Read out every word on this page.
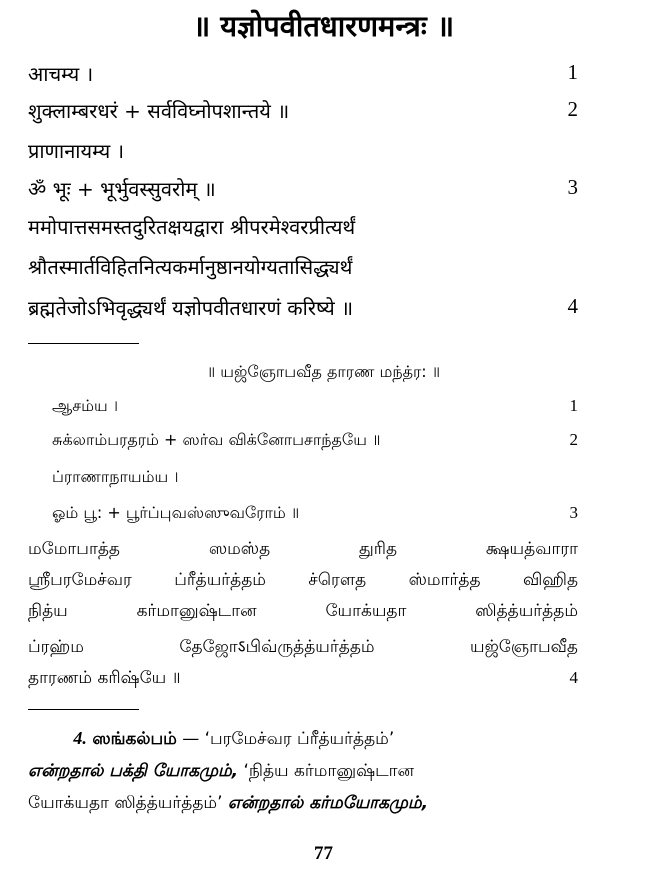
॥ यज्ञोपवीतधारणमन्त्रः ॥
आचम्य ।	1
शुक्लाम्बरधरं + सर्वविघ्नोपशान्तये ॥	2
प्राणानायम्य ।
ॐ भूः + भूर्भुवस्सुवरोम् ॥	3
ममोपात्तसमस्तदुरितक्षयद्वारा श्रीपरमेश्वरप्रीत्यर्थं
श्रौतस्मार्तविहितनित्यकर्मानुष्ठानयोग्यतासिद्ध्यर्थं
ब्रह्मतेजोऽभिवृद्ध्यर्थं यज्ञोपवीतधारणं करिष्ये ॥	4
॥ யஜ்ஞோபவீத தாரண மந்த்ர: ॥
ஆசம்ய ।	1
சுக்லாம்பரதரம் + ஸர்வ விக்னோபசாந்தயே ॥	2
ப்ராணாநாயம்ய ।
ஓம் பூ: + பூர்ப்புவஸ்ஸுவரோம் ॥	3
மமோபாத்த	ஸமஸ்த	துரித	க்ஷயத்வாரா
ஸ்ரீபரமேச்வர ப்ரீத்யர்த்தம் ச்ரௌத ஸ்மார்த்த விஹித
நித்ய	கர்மானுஷ்டான	யோக்யதா	ஸித்த்யர்த்தம்
ப்ரஹ்ம	தேஜோऽபிவ்ருத்த்யர்த்தம்	யஜ்ஞோபவீத
தாரணம் கரிஷ்யே ॥	4
4. ஸங்கல்பம் — ‘பரமேச்வர ப்ரீத்யர்த்தம்’
என்றதால் பக்தி யோகமும், ‘நித்ய கர்மானுஷ்டான
யோக்யதா ஸித்த்யர்த்தம்’ என்றதால் கர்மயோகமும்,
77
